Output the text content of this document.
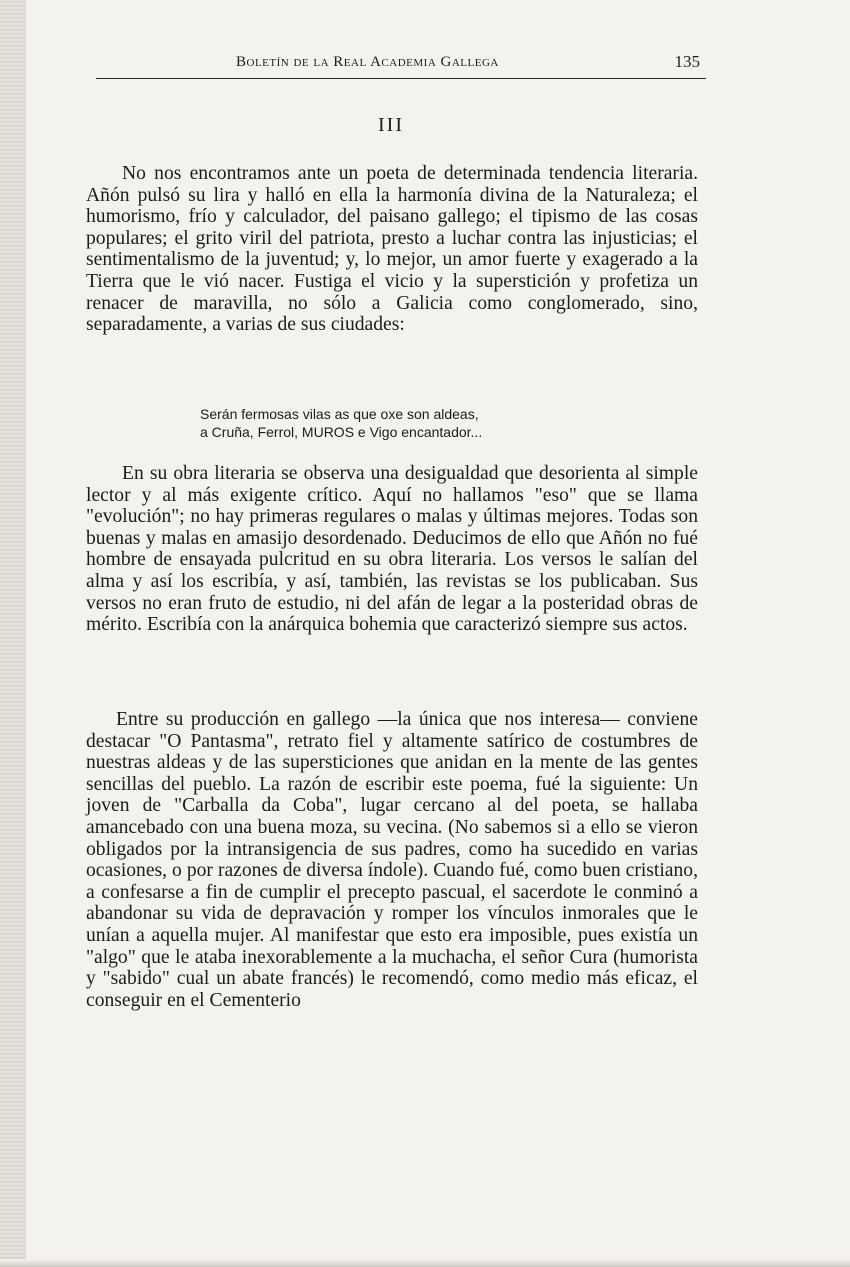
Boletín de la Real Academia Gallega	135
III

No nos encontramos ante un poeta de determinada tendencia literaria. Añón pulsó su lira y halló en ella la harmonía divina de la Naturaleza; el humorismo, frío y calculador, del paisano gallego; el tipismo de las cosas populares; el grito viril del patriota, presto a luchar contra las injusticias; el sentimentalismo de la juventud; y, lo mejor, un amor fuerte y exagerado a la Tierra que le vió nacer. Fustiga el vicio y la superstición y profetiza un renacer de maravilla, no sólo a Galicia como conglomerado, sino, separadamente, a varias de sus ciudades:

Serán fermosas vilas as que oxe son aldeas,
a Cruña, Ferrol, MUROS e Vigo encantador...

En su obra literaria se observa una desigualdad que desorienta al simple lector y al más exigente crítico. Aquí no hallamos "eso" que se llama "evolución"; no hay primeras regulares o malas y últimas mejores. Todas son buenas y malas en amasijo desordenado. Deducimos de ello que Añón no fué hombre de ensayada pulcritud en su obra literaria. Los versos le salían del alma y así los escribía, y así, también, las revistas se los publicaban. Sus versos no eran fruto de estudio, ni del afán de legar a la posteridad obras de mérito. Escribía con la anárquica bohemia que caracterizó siempre sus actos.

Entre su producción en gallego —la única que nos interesa— conviene destacar "O Pantasma", retrato fiel y altamente satírico de costumbres de nuestras aldeas y de las supersticiones que anidan en la mente de las gentes sencillas del pueblo. La razón de escribir este poema, fué la siguiente: Un joven de "Carballa da Coba", lugar cercano al del poeta, se hallaba amancebado con una buena moza, su vecina. (No sabemos si a ello se vieron obligados por la intransigencia de sus padres, como ha sucedido en varias ocasiones, o por razones de diversa índole). Cuando fué, como buen cristiano, a confesarse a fin de cumplir el precepto pascual, el sacerdote le conminó a abandonar su vida de depravación y romper los vínculos inmorales que le unían a aquella mujer. Al manifestar que esto era imposible, pues existía un "algo" que le ataba inexorablemente a la muchacha, el señor Cura (humorista y "sabido" cual un abate francés) le recomendó, como medio más eficaz, el conseguir en el Cementerio
